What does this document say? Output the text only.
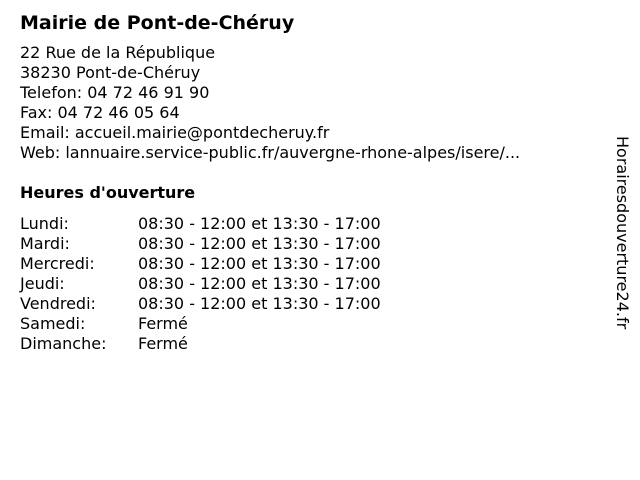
Mairie de Pont-de-Chéruy
22 Rue de la République
38230 Pont-de-Chéruy
Telefon: 04 72 46 91 90
Fax: 04 72 46 05 64
Email: accueil.mairie@pontdecheruy.fr
Web: lannuaire.service-public.fr/auvergne-rhone-alpes/isere/...
Heures d'ouverture
Lundi:	08:30 - 12:00 et 13:30 - 17:00
Mardi:	08:30 - 12:00 et 13:30 - 17:00
Mercredi:	08:30 - 12:00 et 13:30 - 17:00
Jeudi:	08:30 - 12:00 et 13:30 - 17:00
Vendredi:	08:30 - 12:00 et 13:30 - 17:00
Samedi:	Fermé
Dimanche:	Fermé
Horairesdouverture24.fr
